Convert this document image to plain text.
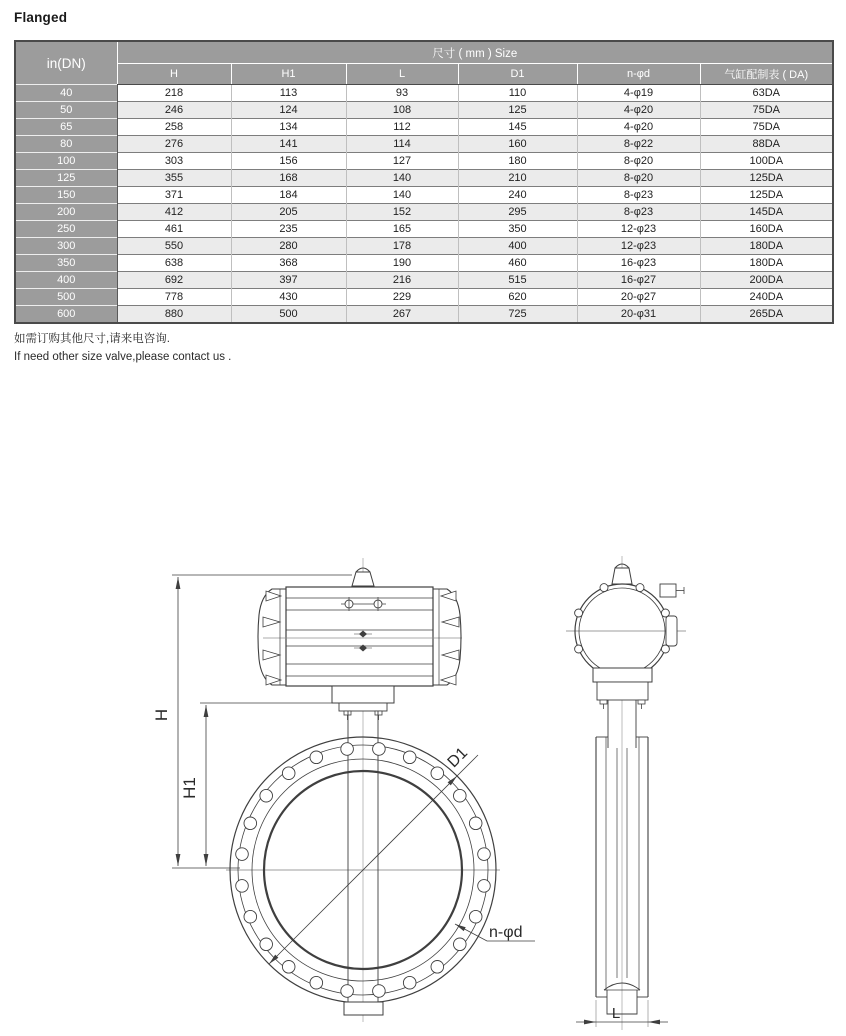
Flanged
in(DN)	尺寸 ( mm ) Size					
	H	H1	L	D1	n-φd	气缸配制表 ( DA)
40	218	113	93	110	4-φ19	63DA
50	246	124	108	125	4-φ20	75DA
65	258	134	112	145	4-φ20	75DA
80	276	141	114	160	8-φ22	88DA
100	303	156	127	180	8-φ20	100DA
125	355	168	140	210	8-φ20	125DA
150	371	184	140	240	8-φ23	125DA
200	412	205	152	295	8-φ23	145DA
250	461	235	165	350	12-φ23	160DA
300	550	280	178	400	12-φ23	180DA
350	638	368	190	460	16-φ23	180DA
400	692	397	216	515	16-φ27	200DA
500	778	430	229	620	20-φ27	240DA
600	880	500	267	725	20-φ31	265DA

如需订购其他尺寸,请来电咨询.

If need other size valve,please contact us .

D1
n-φd
H
H1
L
